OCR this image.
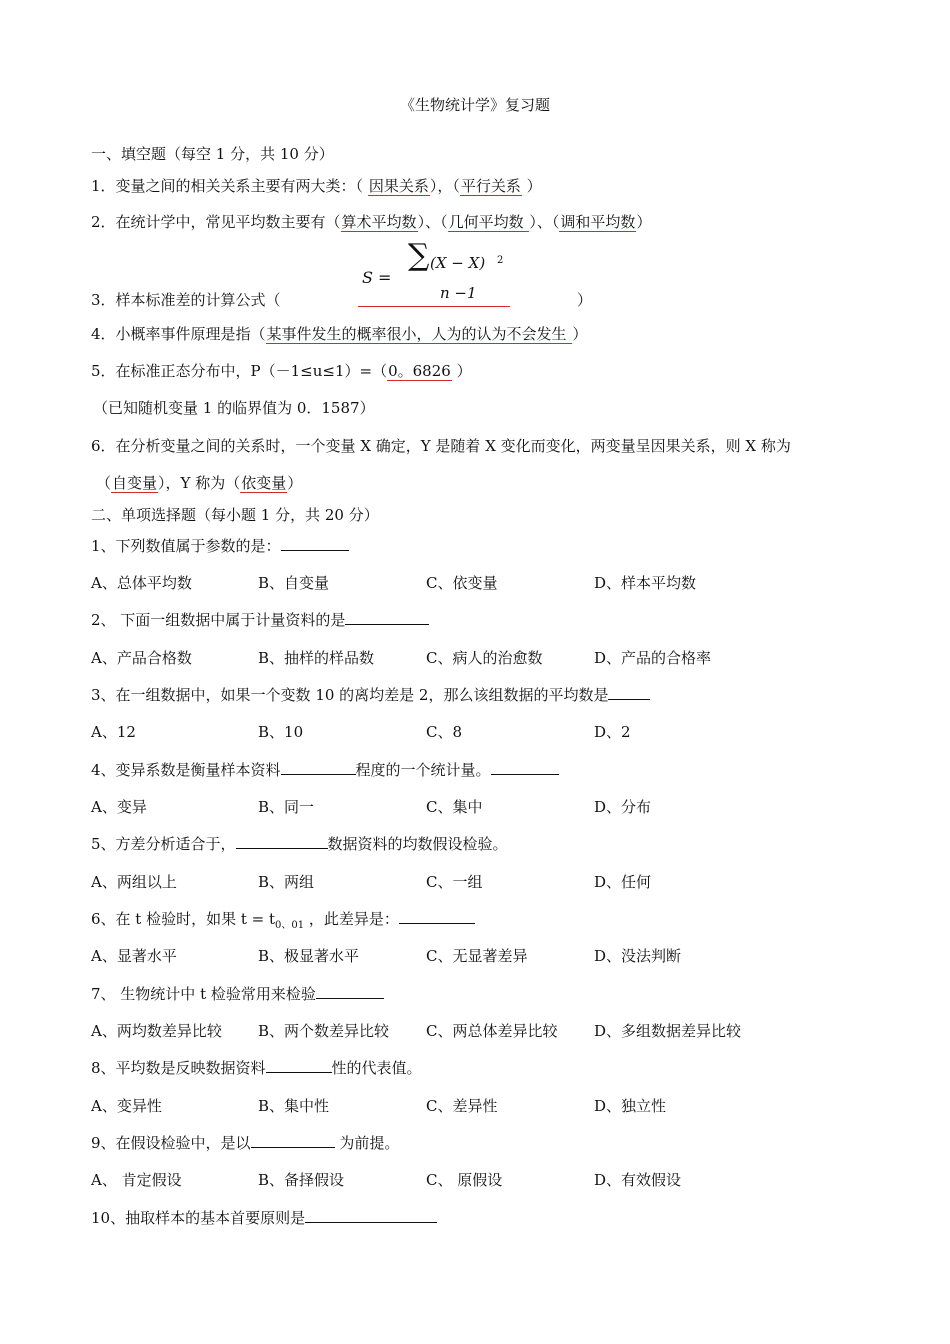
《生物统计学》复习题
一、填空题（每空 1 分，共 10 分）
1．变量之间的相关关系主要有两大类：（ 因果关系），（平行关系 ）
2．在统计学中，常见平均数主要有（算术平均数）、（几何平均数 ）、（调和平均数）
S =
∑ (X − X) 2
n −1
3．样本标准差的计算公式（	）
4．小概率事件原理是指（某事件发生的概率很小，人为的认为不会发生 ）
5．在标准正态分布中，P（－1≤u≤1）=（0。6826 ）
（已知随机变量 1 的临界值为 0．1587）
6．在分析变量之间的关系时，一个变量 X 确定，Y 是随着 X 变化而变化，两变量呈因果关系，则 X 称为
（自变量），Y 称为（依变量）
二、单项选择题（每小题 1 分，共 20 分）
1、下列数值属于参数的是：
A、总体平均数	B、自变量	C、依变量	D、样本平均数
2、 下面一组数据中属于计量资料的是
A、产品合格数	B、抽样的样品数	C、病人的治愈数	D、产品的合格率
3、在一组数据中，如果一个变数 10 的离均差是 2，那么该组数据的平均数是
A、12	B、10	C、8	D、2
4、变异系数是衡量样本资料	程度的一个统计量。
A、变异	B、同一	C、集中	D、分布
5、方差分析适合于，	数据资料的均数假设检验。
A、两组以上	B、两组	C、一组	D、任何
6、在 t 检验时，如果 $t = t_{0、01}$ ，此差异是：
A、显著水平	B、极显著水平	C、无显著差异	D、没法判断
7、 生物统计中 t 检验常用来检验
A、两均数差异比较 B、两个数差异比较 C、两总体差异比较 D、多组数据差异比较
8、平均数是反映数据资料	性的代表值。
A、变异性	B、集中性	C、差异性	D、独立性
9、在假设检验中，是以	为前提。
A、 肯定假设	B、备择假设	C、 原假设	D、有效假设
10、抽取样本的基本首要原则是
